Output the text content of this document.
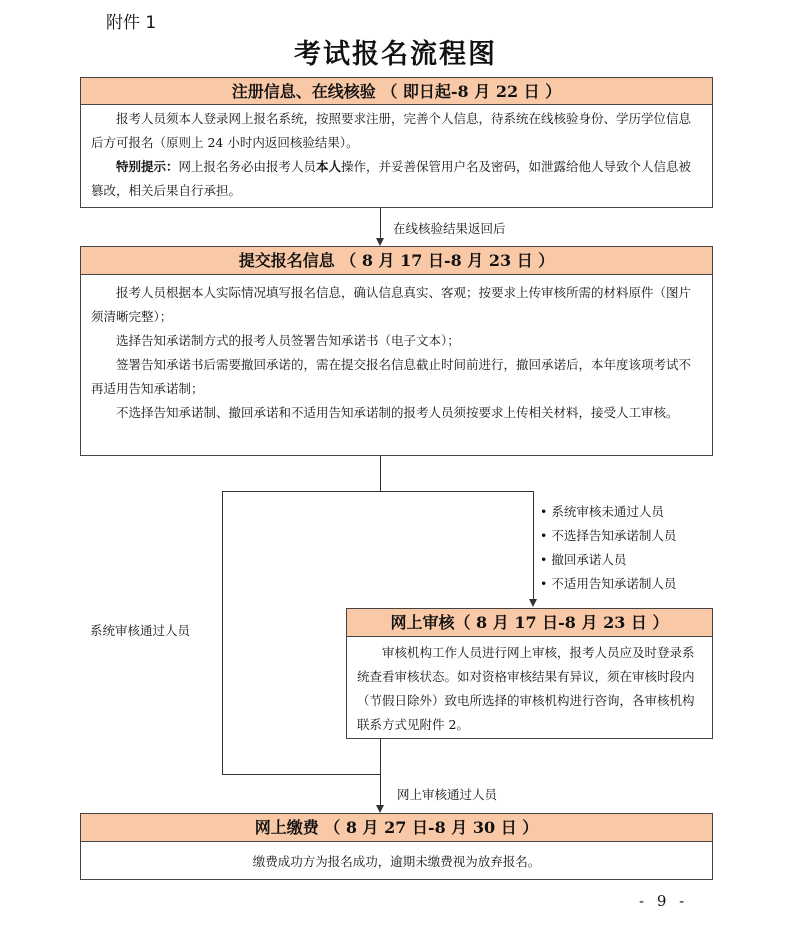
附件 1
考试报名流程图
注册信息、在线核验 （ 即日起-8 月 22 日 ）

报考人员须本人登录网上报名系统，按照要求注册，完善个人信息，待系统在线核验身份、学历学位信息后方可报名（原则上 24 小时内返回核验结果）。

特别提示：网上报名务必由报考人员本人操作，并妥善保管用户名及密码，如泄露给他人导致个人信息被篡改，相关后果自行承担。

在线核验结果返回后
提交报名信息 （ 8 月 17 日-8 月 23 日 ）

报考人员根据本人实际情况填写报名信息，确认信息真实、客观；按要求上传审核所需的材料原件（图片须清晰完整）；

选择告知承诺制方式的报考人员签署告知承诺书（电子文本）；

签署告知承诺书后需要撤回承诺的，需在提交报名信息截止时间前进行，撤回承诺后，本年度该项考试不再适用告知承诺制；

不选择告知承诺制、撤回承诺和不适用告知承诺制的报考人员须按要求上传相关材料，接受人工审核。

系统审核通过人员
• 系统审核未通过人员
• 不选择告知承诺制人员
• 撤回承诺人员
• 不适用告知承诺制人员
网上审核（ 8 月 17 日-8 月 23 日 ）

审核机构工作人员进行网上审核，报考人员应及时登录系统查看审核状态。如对资格审核结果有异议，须在审核时段内（节假日除外）致电所选择的审核机构进行咨询，各审核机构联系方式见附件 2。

网上审核通过人员
网上缴费 （ 8 月 27 日-8 月 30 日 ）
缴费成功方为报名成功，逾期未缴费视为放弃报名。
- 9 -
